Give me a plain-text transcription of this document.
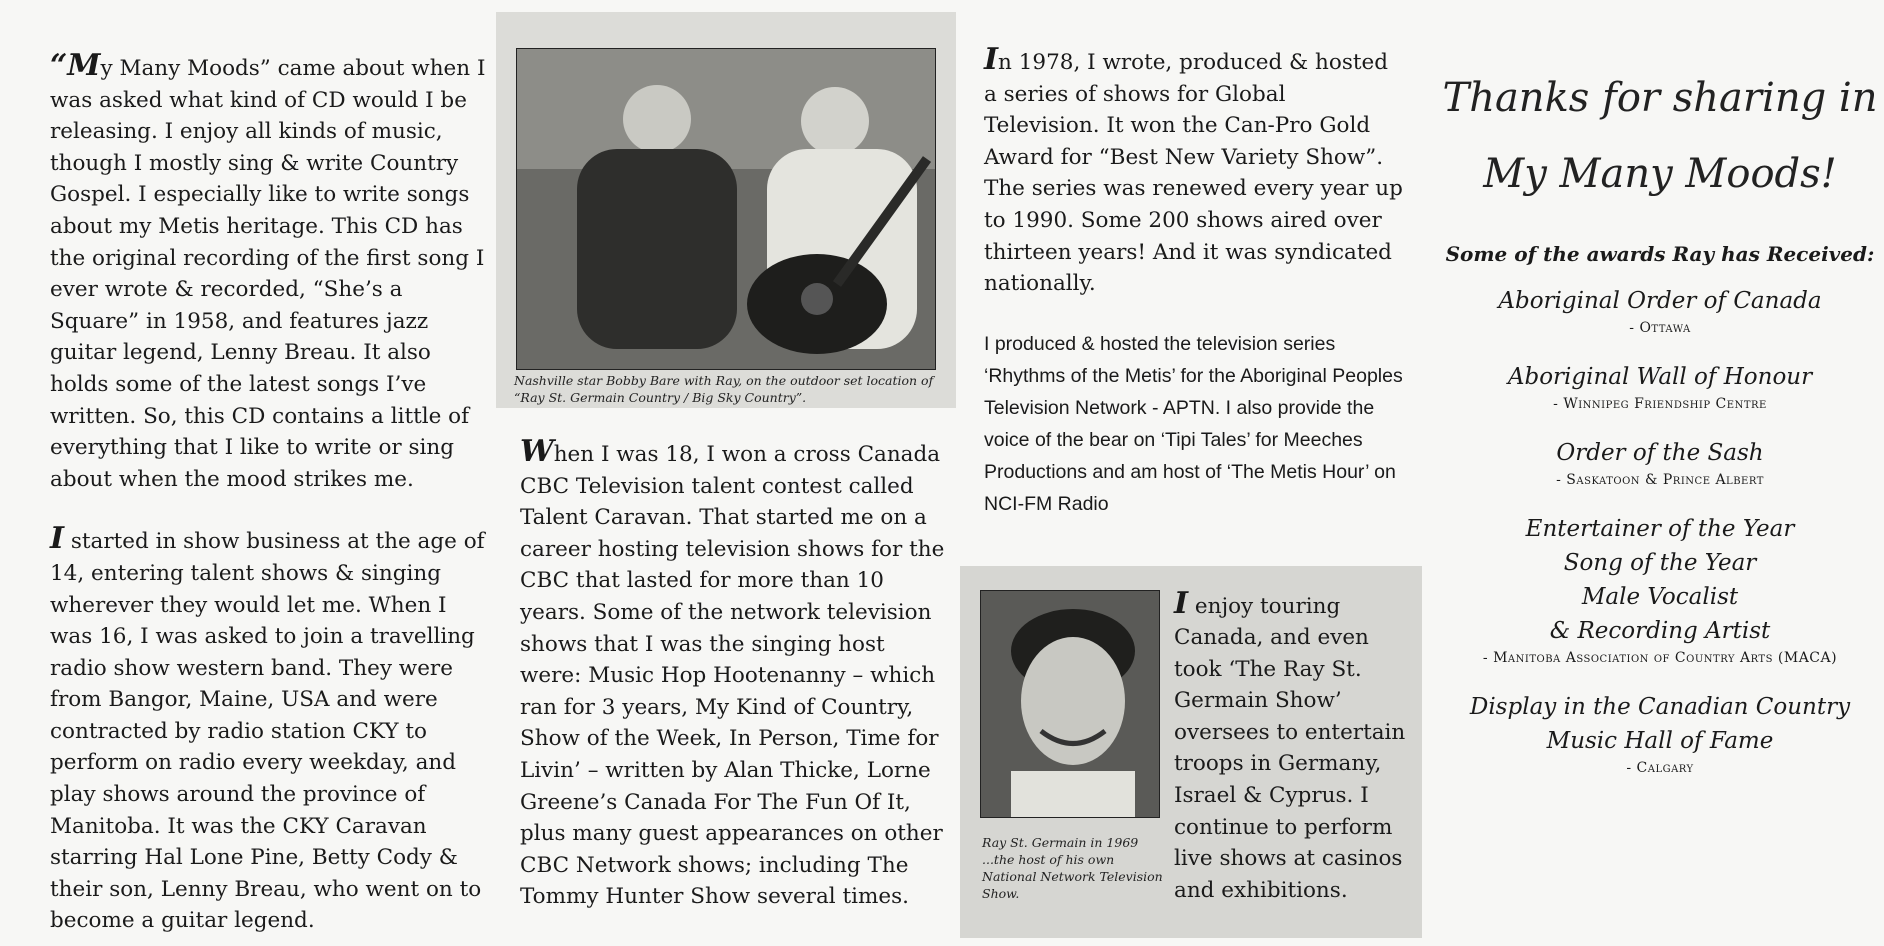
“My Many Moods” came about when I was asked what kind of CD would I be releasing. I enjoy all kinds of music, though I mostly sing & write Country Gospel. I especially like to write songs about my Metis heritage. This CD has the original recording of the first song I ever wrote & recorded, “She’s a Square” in 1958, and features jazz guitar legend, Lenny Breau. It also holds some of the latest songs I’ve written. So, this CD contains a little of everything that I like to write or sing about when the mood strikes me.

I started in show business at the age of 14, entering talent shows & singing wherever they would let me. When I was 16, I was asked to join a travelling radio show western band. They were from Bangor, Maine, USA and were contracted by radio station CKY to perform on radio every weekday, and play shows around the province of Manitoba. It was the CKY Caravan starring Hal Lone Pine, Betty Cody & their son, Lenny Breau, who went on to become a guitar legend.

Nashville star Bobby Bare with Ray, on the outdoor set location of “Ray St. Germain Country / Big Sky Country”.

When I was 18, I won a cross Canada CBC Television talent contest called Talent Caravan. That started me on a career hosting television shows for the CBC that lasted for more than 10 years. Some of the network television shows that I was the singing host were: Music Hop Hootenanny – which ran for 3 years, My Kind of Country, Show of the Week, In Person, Time for Livin’ – written by Alan Thicke, Lorne Greene’s Canada For The Fun Of It, plus many guest appearances on other CBC Network shows; including The Tommy Hunter Show several times.

In 1978, I wrote, produced & hosted a series of shows for Global Television. It won the Can-Pro Gold Award for “Best New Variety Show”. The series was renewed every year up to 1990. Some 200 shows aired over thirteen years! And it was syndicated nationally.

I produced & hosted the television series ‘Rhythms of the Metis’ for the Aboriginal Peoples Television Network - APTN. I also provide the voice of the bear on ‘Tipi Tales’ for Meeches Productions and am host of ‘The Metis Hour’ on NCI-FM Radio

Ray St. Germain in 1969 ...the host of his own National Network Television Show.

I enjoy touring Canada, and even took ‘The Ray St. Germain Show’ oversees to entertain troops in Germany, Israel & Cyprus. I continue to perform live shows at casinos and exhibitions.

Thanks for sharing in
My Many Moods!

Some of the awards Ray has Received:

Aboriginal Order of Canada

- Ottawa

Aboriginal Wall of Honour

- Winnipeg Friendship Centre

Order of the Sash

- Saskatoon & Prince Albert

Entertainer of the Year

Song of the Year

Male Vocalist

& Recording Artist

- Manitoba Association of Country Arts (MACA)

Display in the Canadian Country

Music Hall of Fame

- Calgary
